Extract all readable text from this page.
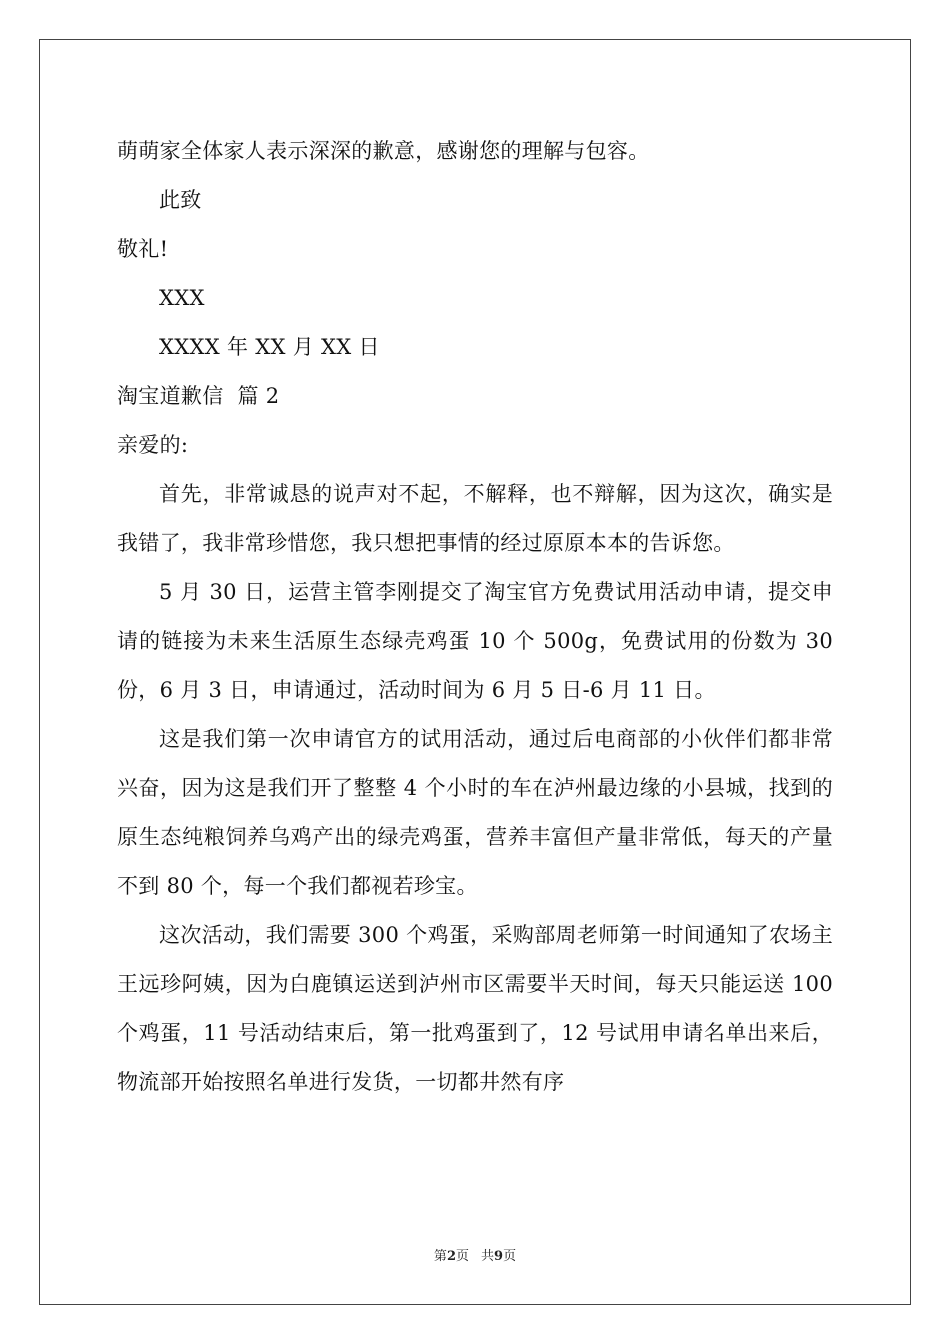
萌萌家全体家人表示深深的歉意，感谢您的理解与包容。

此致

敬礼!

XXX

XXXX 年 XX 月 XX 日

淘宝道歉信  篇 2

亲爱的:

首先，非常诚恳的说声对不起，不解释，也不辩解，因为这次，确实是我错了，我非常珍惜您，我只想把事情的经过原原本本的告诉您。

5 月 30 日，运营主管李刚提交了淘宝官方免费试用活动申请，提交申请的链接为未来生活原生态绿壳鸡蛋 10 个 500g，免费试用的份数为 30 份，6 月 3 日，申请通过，活动时间为 6 月 5 日-6 月 11 日。

这是我们第一次申请官方的试用活动，通过后电商部的小伙伴们都非常兴奋，因为这是我们开了整整 4 个小时的车在泸州最边缘的小县城，找到的原生态纯粮饲养乌鸡产出的绿壳鸡蛋，营养丰富但产量非常低，每天的产量不到 80 个，每一个我们都视若珍宝。

这次活动，我们需要 300 个鸡蛋，采购部周老师第一时间通知了农场主王远珍阿姨，因为白鹿镇运送到泸州市区需要半天时间，每天只能运送 100 个鸡蛋，11 号活动结束后，第一批鸡蛋到了，12 号试用申请名单出来后，物流部开始按照名单进行发货，一切都井然有序

第2页 共9页
